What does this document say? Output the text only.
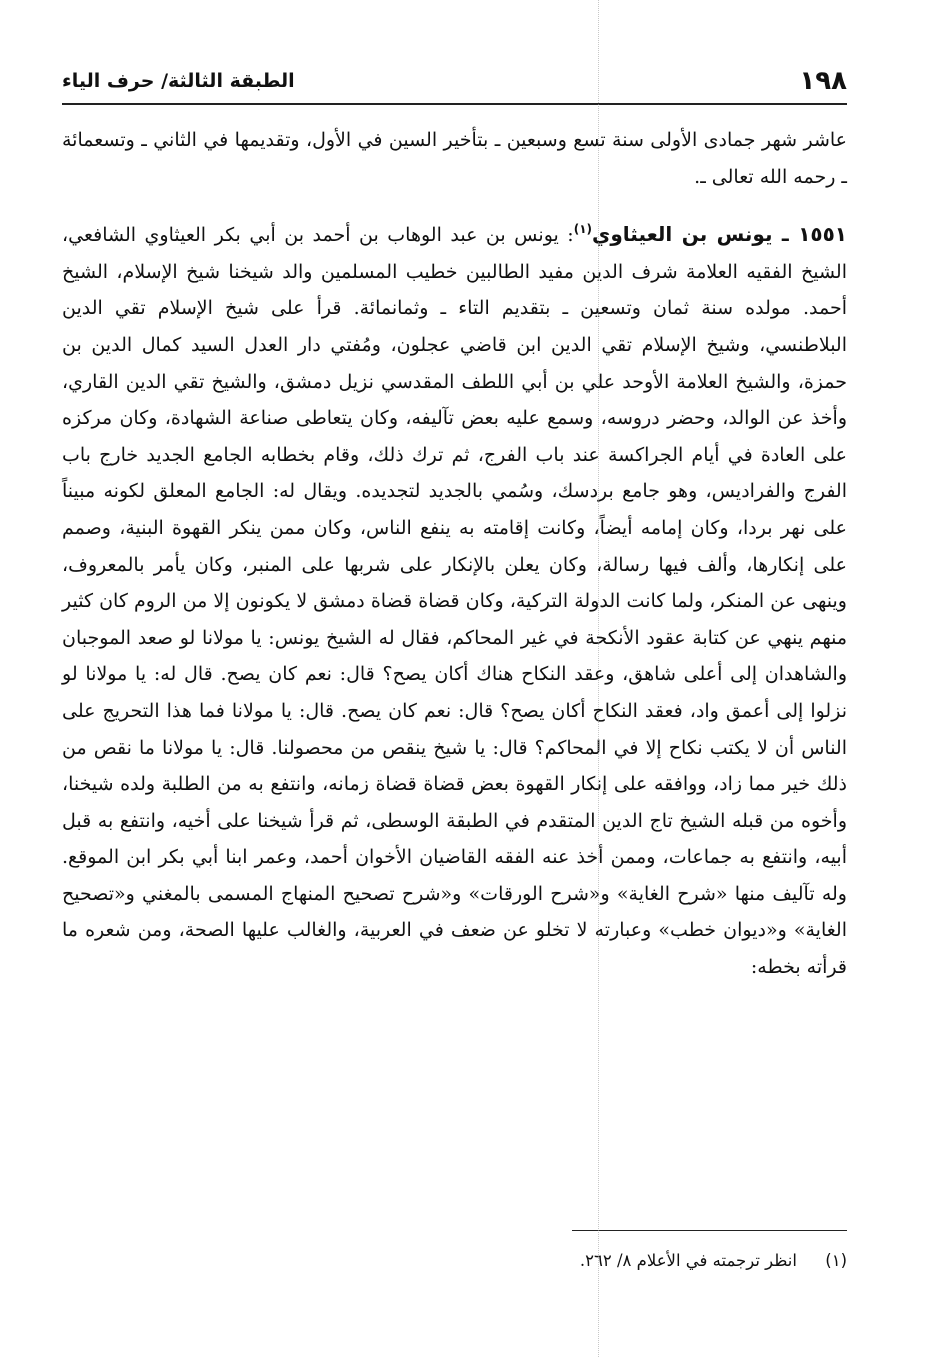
١٩٨
الطبقة الثالثة/ حرف الياء

عاشر شهر جمادى الأولى سنة تسع وسبعين ـ بتأخير السين في الأول، وتقديمها في الثاني ـ وتسعمائة ـ رحمه الله تعالى ـ.

١٥٥١ ـ يونس بن العيثاوي$^{(١)}$: يونس بن عبد الوهاب بن أحمد بن أبي بكر العيثاوي الشافعي، الشيخ الفقيه العلامة شرف الدين مفيد الطالبين خطيب المسلمين والد شيخنا شيخ الإسلام، الشيخ أحمد. مولده سنة ثمان وتسعين ـ بتقديم التاء ـ وثمانمائة. قرأ على شيخ الإسلام تقي الدين البلاطنسي، وشيخ الإسلام تقي الدين ابن قاضي عجلون، ومُفتي دار العدل السيد كمال الدين بن حمزة، والشيخ العلامة الأوحد علي بن أبي اللطف المقدسي نزيل دمشق، والشيخ تقي الدين القاري، وأخذ عن الوالد، وحضر دروسه، وسمع عليه بعض تآليفه، وكان يتعاطى صناعة الشهادة، وكان مركزه على العادة في أيام الجراكسة عند باب الفرج، ثم ترك ذلك، وقام بخطابه الجامع الجديد خارج باب الفرج والفراديس، وهو جامع بردسك، وسُمي بالجديد لتجديده. ويقال له: الجامع المعلق لكونه مبيناً على نهر بردا، وكان إمامه أيضاً، وكانت إقامته به ينفع الناس، وكان ممن ينكر القهوة البنية، وصمم على إنكارها، وألف فيها رسالة، وكان يعلن بالإنكار على شربها على المنبر، وكان يأمر بالمعروف، وينهى عن المنكر، ولما كانت الدولة التركية، وكان قضاة قضاة دمشق لا يكونون إلا من الروم كان كثير منهم ينهي عن كتابة عقود الأنكحة في غير المحاكم، فقال له الشيخ يونس: يا مولانا لو صعد الموجبان والشاهدان إلى أعلى شاهق، وعقد النكاح هناك أكان يصح؟ قال: نعم كان يصح. قال له: يا مولانا لو نزلوا إلى أعمق واد، فعقد النكاح أكان يصح؟ قال: نعم كان يصح. قال: يا مولانا فما هذا التحريج على الناس أن لا يكتب نكاح إلا في المحاكم؟ قال: يا شيخ ينقص من محصولنا. قال: يا مولانا ما نقص من ذلك خير مما زاد، ووافقه على إنكار القهوة بعض قضاة قضاة زمانه، وانتفع به من الطلبة ولده شيخنا، وأخوه من قبله الشيخ تاج الدين المتقدم في الطبقة الوسطى، ثم قرأ شيخنا على أخيه، وانتفع به قبل أبيه، وانتفع به جماعات، وممن أخذ عنه الفقه القاضيان الأخوان أحمد، وعمر ابنا أبي بكر ابن الموقع. وله تآليف منها «شرح الغاية» و«شرح الورقات» و«شرح تصحيح المنهاج المسمى بالمغني و«تصحيح الغاية» و«ديوان خطب» وعبارته لا تخلو عن ضعف في العربية، والغالب عليها الصحة، ومن شعره ما قرأته بخطه:

(١)انظر ترجمته في الأعلام ٨/ ٢٦٢.
